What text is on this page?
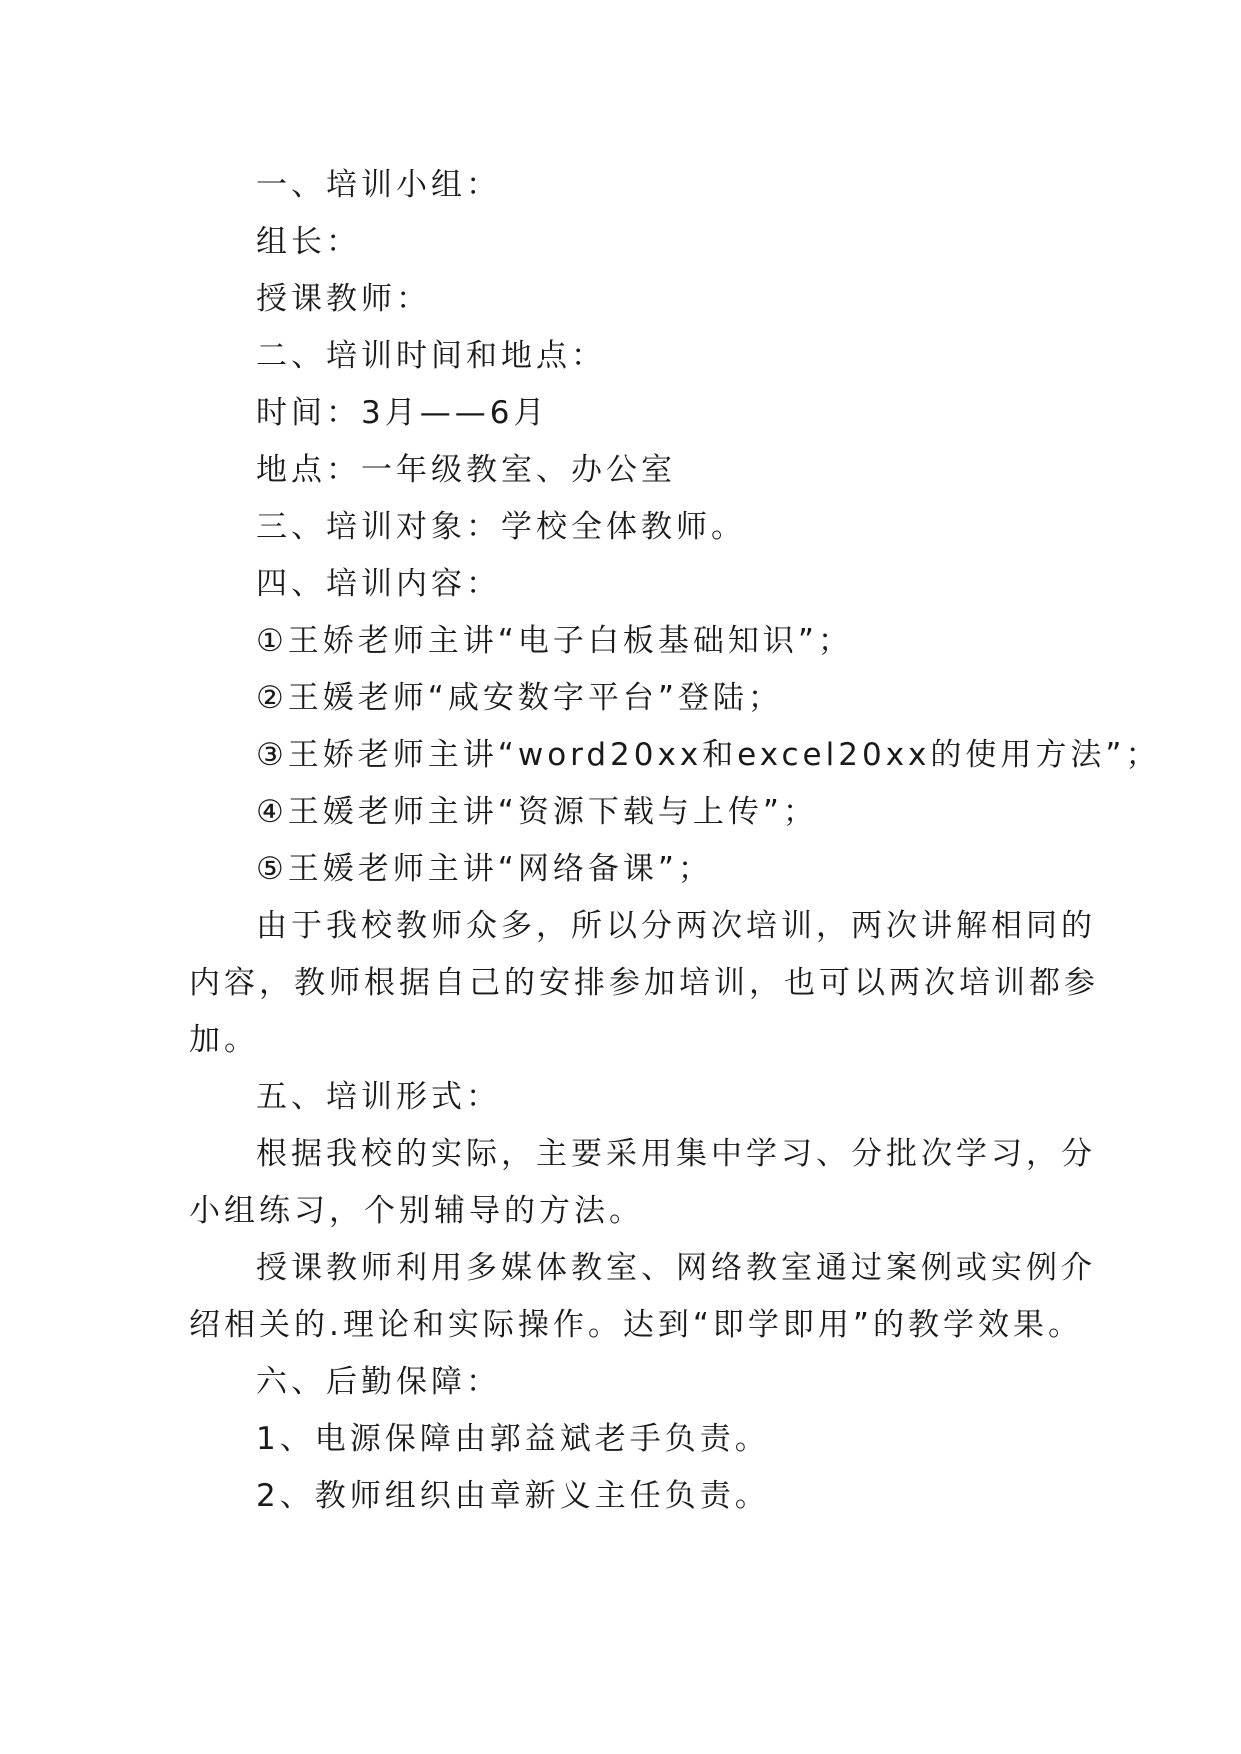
一、培训小组：
组长：
授课教师：
二、培训时间和地点：
时间：3月——6月
地点：一年级教室、办公室
三、培训对象：学校全体教师。
四、培训内容：
①王娇老师主讲“电子白板基础知识”；
②王媛老师“咸安数字平台”登陆；
③王娇老师主讲“word20xx和excel20xx的使用方法”；
④王媛老师主讲“资源下载与上传”；
⑤王媛老师主讲“网络备课”；
由于我校教师众多，所以分两次培训，两次讲解相同的
内容，教师根据自己的安排参加培训，也可以两次培训都参
加。
五、培训形式：
根据我校的实际，主要采用集中学习、分批次学习，分
小组练习，个别辅导的方法。
授课教师利用多媒体教室、网络教室通过案例或实例介
绍相关的.理论和实际操作。达到“即学即用”的教学效果。
六、后勤保障：
1、电源保障由郭益斌老手负责。
2、教师组织由章新义主任负责。
